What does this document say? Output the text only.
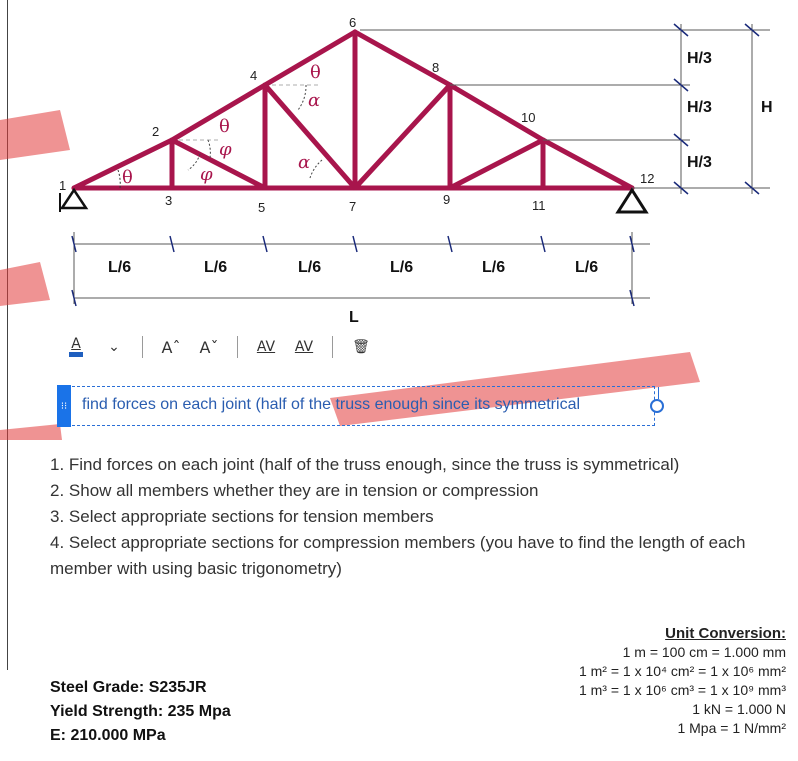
1
2
3
4
5
6
7
8
9
10
11
12
θ
θ
φ
φ
θ
α
α
H/3
H/3
H/3
H
L/6	L/6	L/6	L/6	L/6	L/6
L
A	⌄	Aˆ	Aˇ	AV	AV	🗑
⁝⁝ find forces on each joint (half of the truss enough since its symmetrical
1. Find forces on each joint (half of the truss enough, since the truss is symmetrical)
2. Show all members whether they are in tension or compression
3. Select appropriate sections for tension members
4. Select appropriate sections for compression members (you have to find the length of each member with using basic trigonometry)
Steel Grade: S235JR
Yield Strength: 235 Mpa
E: 210.000 MPa
Unit Conversion:
1 m = 100 cm = 1.000 mm
1 m² = 1 x 10⁴ cm² = 1 x 10⁶ mm²
1 m³ = 1 x 10⁶ cm³ = 1 x 10⁹ mm³
1 kN = 1.000 N
1 Mpa = 1 N/mm²
